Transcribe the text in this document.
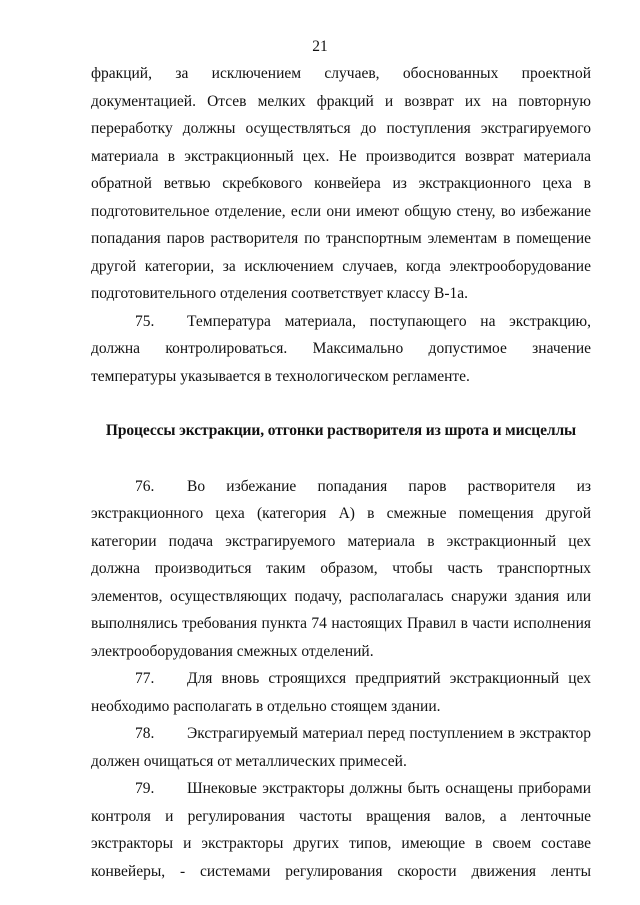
21

фракций, за исключением случаев, обоснованных проектной документацией. Отсев мелких фракций и возврат их на повторную переработку должны осуществляться до поступления экстрагируемого материала в экстракционный цех. Не производится возврат материала обратной ветвью скребкового конвейера из экстракционного цеха в подготовительное отделение, если они имеют общую стену, во избежание попадания паров растворителя по транспортным элементам в помещение другой категории, за исключением случаев, когда электрооборудование подготовительного отделения соответствует классу В-1а.

75. Температура материала, поступающего на экстракцию, должна контролироваться. Максимально допустимое значение температуры указывается в технологическом регламенте.

Процессы экстракции, отгонки растворителя из шрота и мисцеллы

76. Во избежание попадания паров растворителя из экстракционного цеха (категория А) в смежные помещения другой категории подача экстрагируемого материала в экстракционный цех должна производиться таким образом, чтобы часть транспортных элементов, осуществляющих подачу, располагалась снаружи здания или выполнялись требования пункта 74 настоящих Правил в части исполнения электрооборудования смежных отделений.

77. Для вновь строящихся предприятий экстракционный цех необходимо располагать в отдельно стоящем здании.

78. Экстрагируемый материал перед поступлением в экстрактор должен очищаться от металлических примесей.

79. Шнековые экстракторы должны быть оснащены приборами контроля и регулирования частоты вращения валов, а ленточные экстракторы и экстракторы других типов, имеющие в своем составе конвейеры, - системами регулирования скорости движения ленты
